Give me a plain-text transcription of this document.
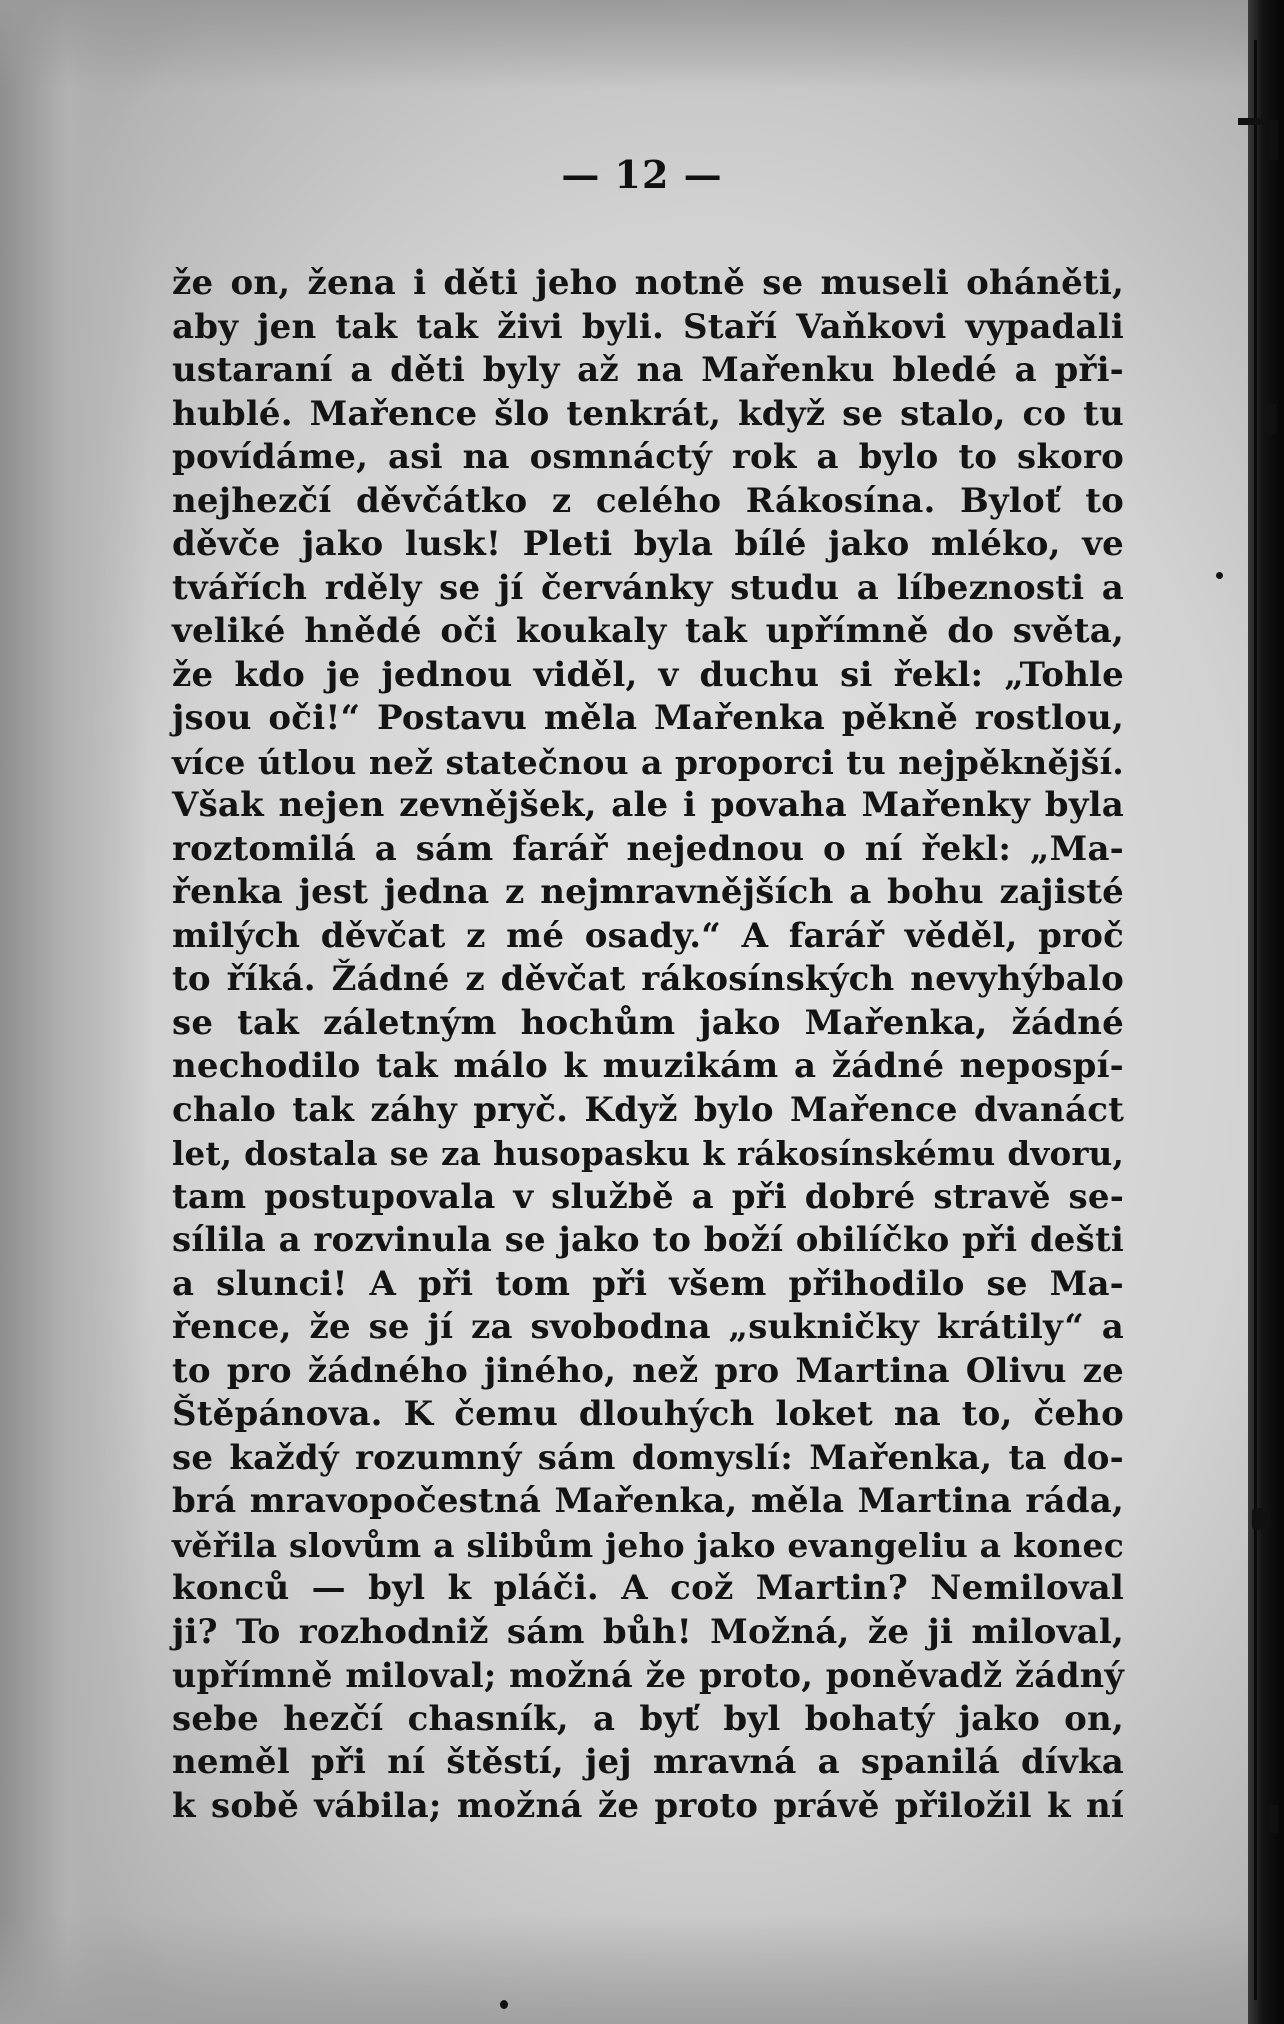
— 12 —
že on, žena i děti jeho notně se museli oháněti,
aby jen tak tak živi byli. Staří Vaňkovi vypadali
ustaraní a děti byly až na Mařenku bledé a při-
hublé. Mařence šlo tenkrát, když se stalo, co tu
povídáme, asi na osmnáctý rok a bylo to skoro
nejhezčí děvčátko z celého Rákosína. Byloť to
děvče jako lusk! Pleti byla bílé jako mléko, ve
tvářích rděly se jí červánky studu a líbeznosti a
veliké hnědé oči koukaly tak upřímně do světa,
že kdo je jednou viděl, v duchu si řekl: „Tohle
jsou oči!“ Postavu měla Mařenka pěkně rostlou,
více útlou než statečnou a proporci tu nejpěknější.
Však nejen zevnějšek, ale i povaha Mařenky byla
roztomilá a sám farář nejednou o ní řekl: „Ma-
řenka jest jedna z nejmravnějších a bohu zajisté
milých děvčat z mé osady.“ A farář věděl, proč
to říká. Žádné z děvčat rákosínských nevyhýbalo
se tak záletným hochům jako Mařenka, žádné
nechodilo tak málo k muzikám a žádné nepospí-
chalo tak záhy pryč. Když bylo Mařence dvanáct
let, dostala se za husopasku k rákosínskému dvoru,
tam postupovala v službě a při dobré stravě se-
sílila a rozvinula se jako to boží obilíčko při dešti
a slunci! A při tom při všem přihodilo se Ma-
řence, že se jí za svobodna „sukničky krátily“ a
to pro žádného jiného, než pro Martina Olivu ze
Štěpánova. K čemu dlouhých loket na to, čeho
se každý rozumný sám domyslí: Mařenka, ta do-
brá mravopočestná Mařenka, měla Martina ráda,
věřila slovům a slibům jeho jako evangeliu a konec
konců — byl k pláči. A což Martin? Nemiloval
ji? To rozhodniž sám bůh! Možná, že ji miloval,
upřímně miloval; možná že proto, poněvadž žádný
sebe hezčí chasník, a byť byl bohatý jako on,
neměl při ní štěstí, jej mravná a spanilá dívka
k sobě vábila; možná že proto právě přiložil k ní
